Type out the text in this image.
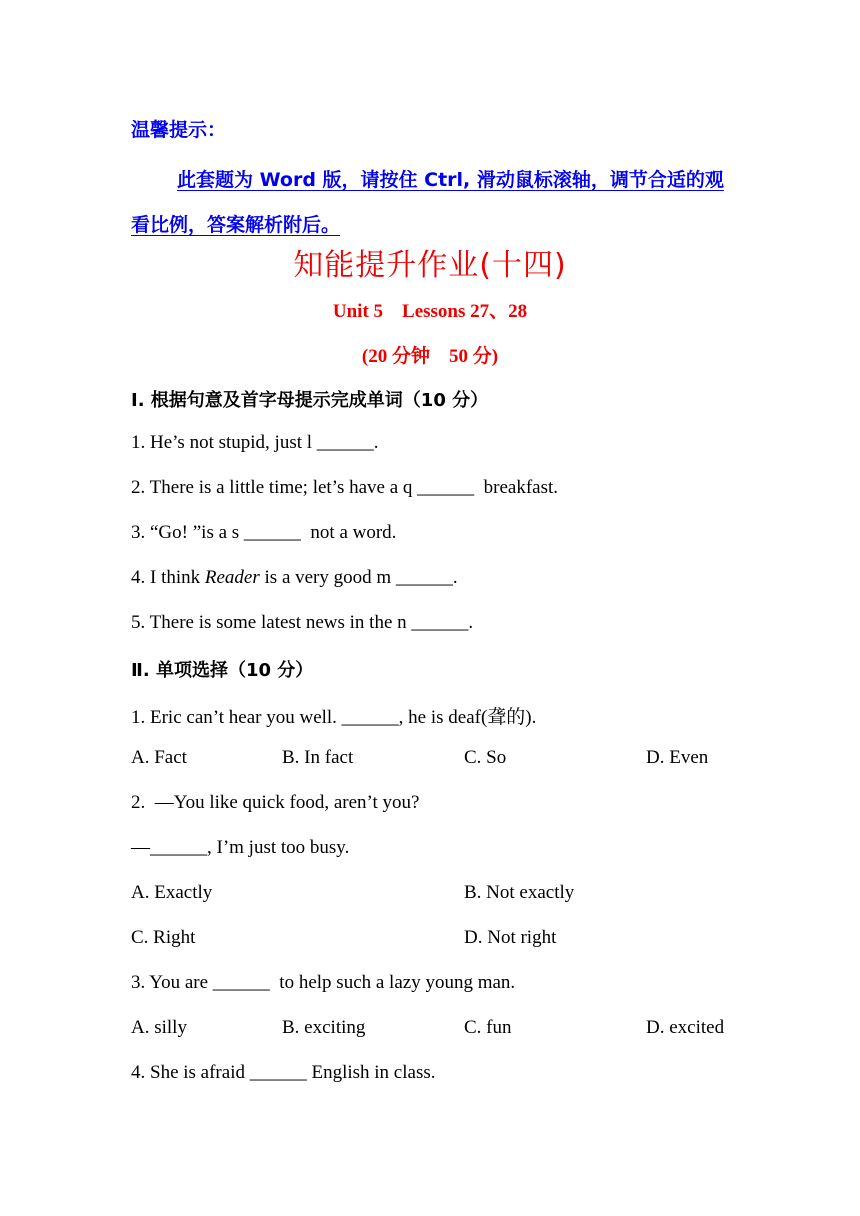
温馨提示：
此套题为 Word 版，请按住 Ctrl, 滑动鼠标滚轴，调节合适的观看比例，答案解析附后。
知能提升作业(十四)
Unit 5　Lessons 27、28
(20 分钟　50 分)
Ⅰ. 根据句意及首字母提示完成单词（10 分）
1. He’s not stupid, just l ______.
2. There is a little time; let’s have a q ______  breakfast.
3. “Go! ”is a s ______  not a word.
4. I think Reader is a very good m ______.
5. There is some latest news in the n ______.
Ⅱ. 单项选择（10 分）
1. Eric can’t hear you well. ______, he is deaf(聋的).
A. Fact	B. In fact	C. So	D. Even
2.  —You like quick food, aren’t you?
—______, I’m just too busy.
A. Exactly	B. Not exactly
C. Right	D. Not right
3. You are ______  to help such a lazy young man.
A. silly	B. exciting	C. fun	D. excited
4. She is afraid ______ English in class.
